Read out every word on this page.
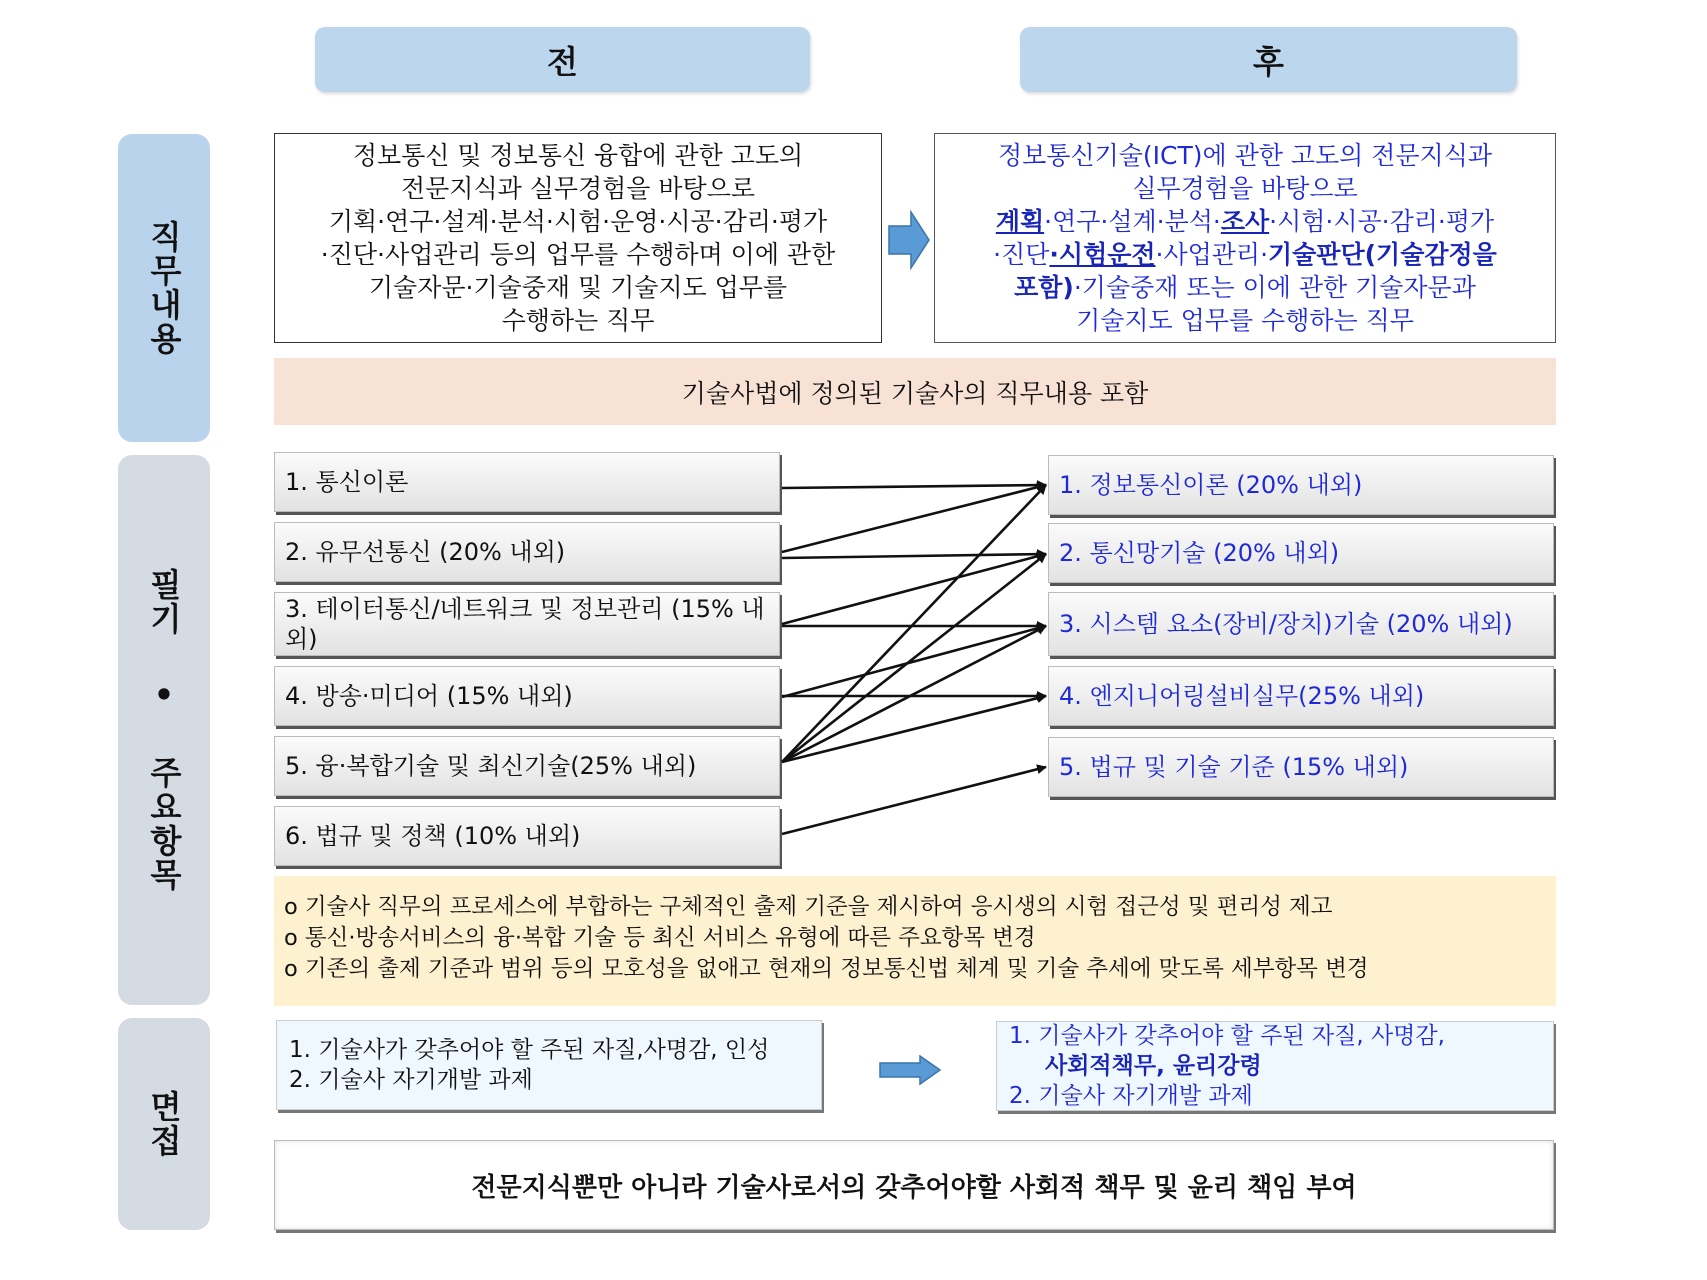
전	후
직무내용
필기 • 주요항목
면접
정보통신 및 정보통신 융합에 관한 고도의
전문지식과 실무경험을 바탕으로
기획·연구·설계·분석·시험·운영·시공·감리·평가
·진단·사업관리 등의 업무를 수행하며 이에 관한
기술자문·기술중재 및 기술지도 업무를
수행하는 직무
정보통신기술(ICT)에 관한 고도의 전문지식과
실무경험을 바탕으로
계획·연구·설계·분석·조사·시험·시공·감리·평가
·진단·시험운전·사업관리·기술판단(기술감정을
포함)·기술중재 또는 이에 관한 기술자문과
기술지도 업무를 수행하는 직무
기술사법에 정의된 기술사의 직무내용 포함
1. 통신이론
2. 유무선통신 (20% 내외)
3. 테이터통신/네트워크 및 정보관리 (15% 내외)
4. 방송·미디어 (15% 내외)
5. 융·복합기술 및 최신기술(25% 내외)
6. 법규 및 정책 (10% 내외)
1. 정보통신이론 (20% 내외)
2. 통신망기술 (20% 내외)
3. 시스템 요소(장비/장치)기술 (20% 내외)
4. 엔지니어링설비실무(25% 내외)
5. 법규 및 기술 기준 (15% 내외)
o 기술사 직무의 프로세스에 부합하는 구체적인 출제 기준을 제시하여 응시생의 시험 접근성 및 편리성 제고
o 통신·방송서비스의 융·복합 기술 등 최신 서비스 유형에 따른 주요항목 변경
o 기존의 출제 기준과 범위 등의 모호성을 없애고 현재의 정보통신법 체계 및 기술 추세에 맞도록 세부항목 변경
1. 기술사가 갖추어야 할 주된 자질,사명감, 인성
2. 기술사 자기개발 과제
1. 기술사가 갖추어야 할 주된 자질, 사명감,
사회적책무, 윤리강령
2. 기술사 자기개발 과제
전문지식뿐만 아니라 기술사로서의 갖추어야할 사회적 책무 및 윤리 책임 부여
